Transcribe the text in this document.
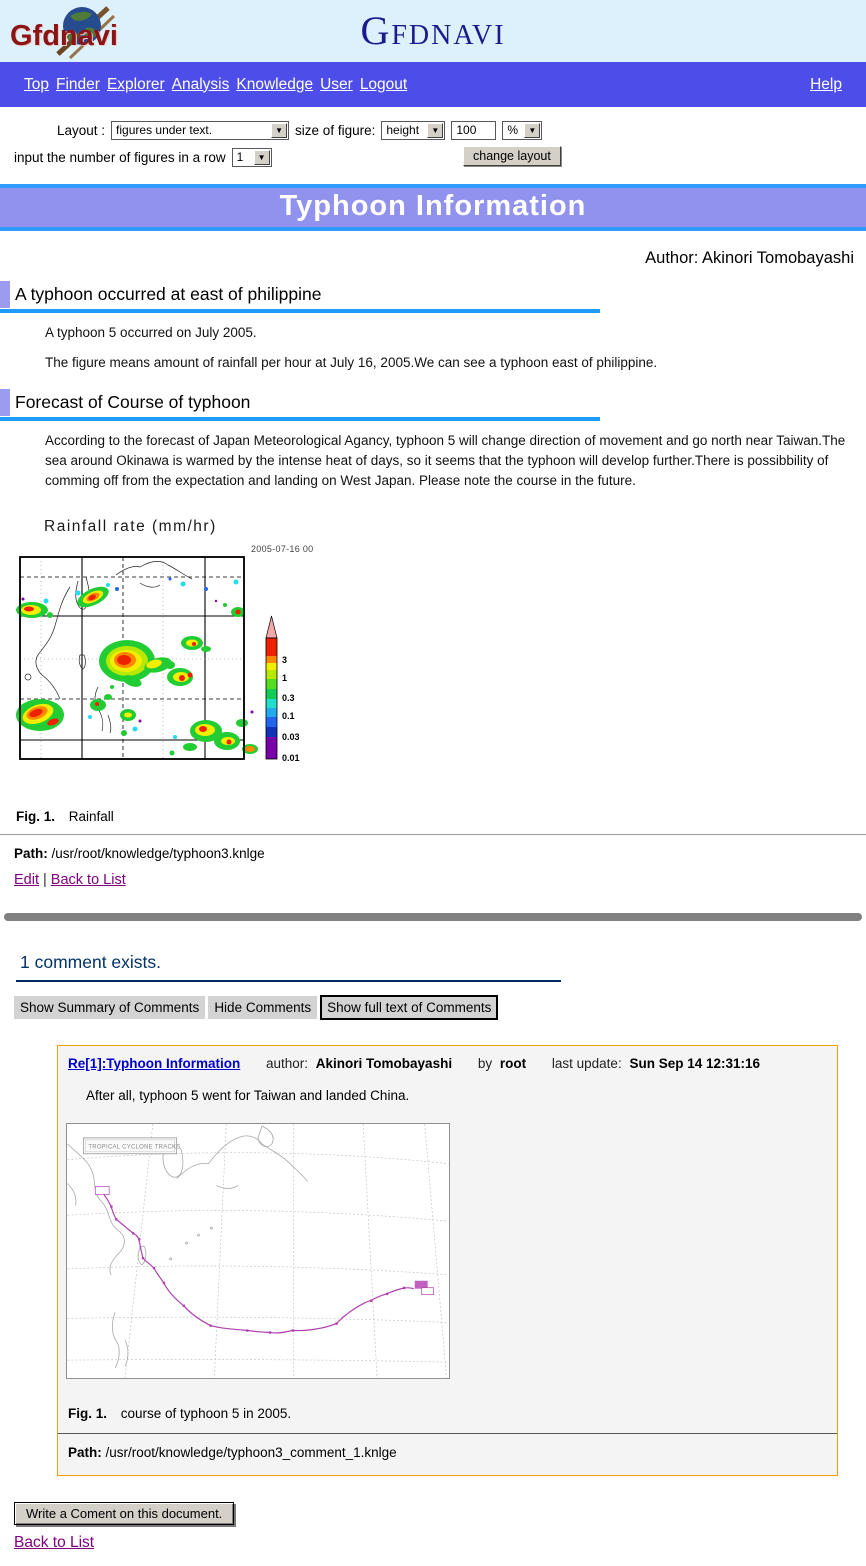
Gfdnavi	Gfdnavi
Top Finder Explorer Analysis Knowledge User Logout	Help
Layout : figures under text.	▼ size of figure: height	▼
100	%	▼
input the number of figures in a row 1	▼	change layout
Typhoon Information
Author: Akinori Tomobayashi
A typhoon occurred at east of philippine

A typhoon 5 occurred on July 2005.

The figure means amount of rainfall per hour at July 16, 2005.We can see a typhoon east of philippine.

Forecast of Course of typhoon

According to the forecast of Japan Meteorological Agancy, typhoon 5 will change direction of movement and go north near Taiwan.The sea around Okinawa is warmed by the intense heat of days, so it seems that the typhoon will develop further.There is possibbility of comming off from the expectation and landing on West Japan. Please note the course in the future.

Rainfall rate (mm/hr)
2005-07-16 00
3
1
0.3
0.1
0.03
0.01
Fig. 1. Rainfall
Path: /usr/root/knowledge/typhoon3.knlge
Edit | Back to List
1 comment exists.
Show Summary of Comments	Hide Comments	Show full text of Comments
Re[1]:Typhoon Information author: Akinori Tomobayashi by root last update: Sun Sep 14 12:31:16
After all, typhoon 5 went for Taiwan and landed China.
TROPICAL CYCLONE TRACKS
Fig. 1. course of typhoon 5 in 2005.
Path: /usr/root/knowledge/typhoon3_comment_1.knlge
Write a Coment on this document.
Back to List
